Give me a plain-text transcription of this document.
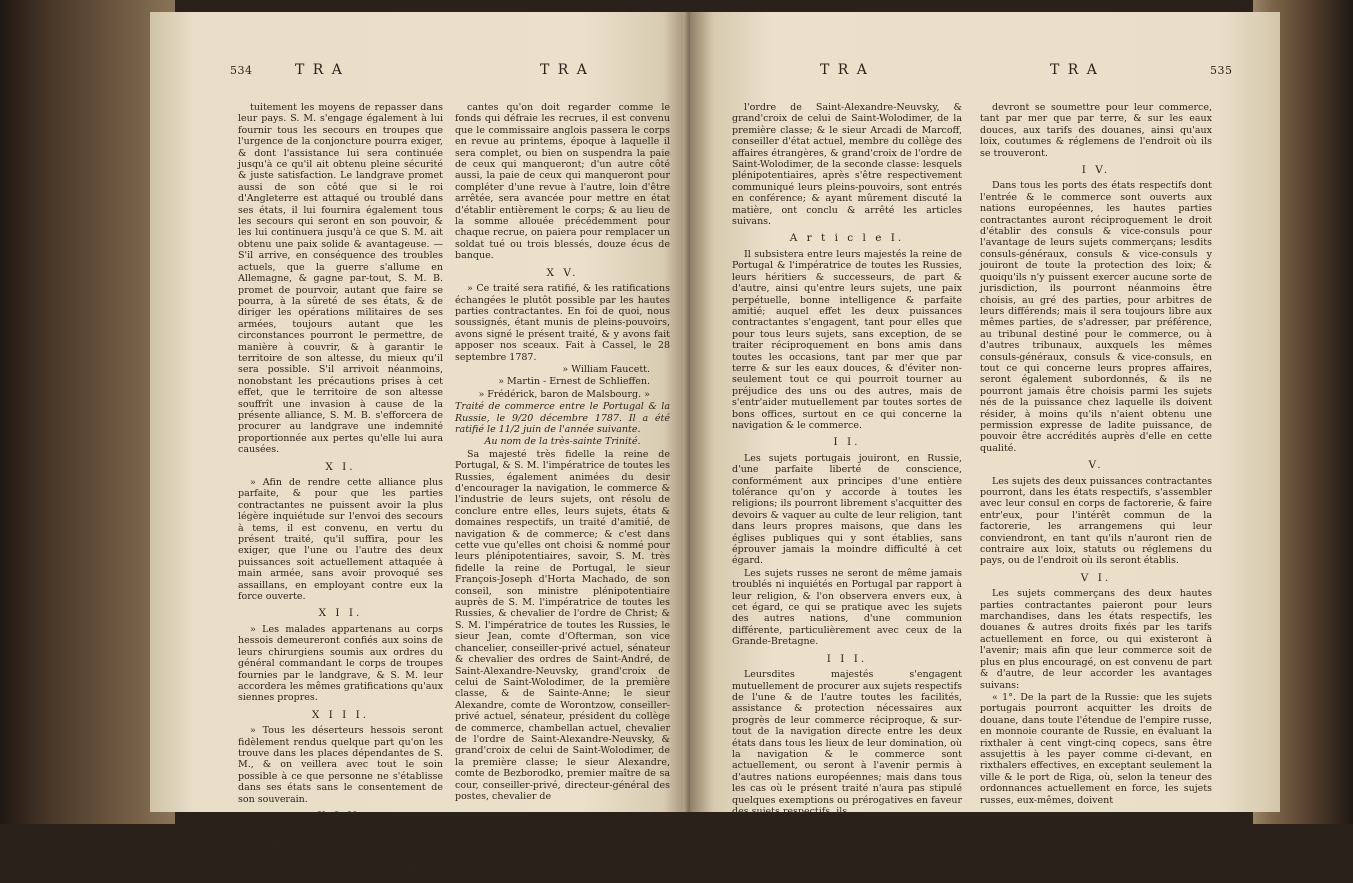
534	T R A	T R A

tuitement les moyens de repasser dans leur pays. S. M. s'engage également à lui fournir tous les secours en troupes que l'urgence de la conjoncture pourra exiger, & dont l'assistance lui sera continuée jusqu'à ce qu'il ait obtenu pleine sécurité & juste satisfaction. Le landgrave promet aussi de son côté que si le roi d'Angleterre est attaqué ou troublé dans ses états, il lui fournira également tous les secours qui seront en son pouvoir, & les lui continuera jusqu'à ce que S. M. ait obtenu une paix solide & avantageuse. — S'il arrive, en conséquence des troubles actuels, que la guerre s'allume en Allemagne, & gagne par-tout, S. M. B. promet de pourvoir, autant que faire se pourra, à la sûreté de ses états, & de diriger les opérations militaires de ses armées, toujours autant que les circonstances pourront le permettre, de manière à couvrir, & à garantir le territoire de son altesse, du mieux qu'il sera possible. S'il arrivoit néanmoins, nonobstant les précautions prises à cet effet, que le territoire de son altesse souffrît une invasion à cause de la présente alliance, S. M. B. s'efforcera de procurer au landgrave une indemnité proportionnée aux pertes qu'elle lui aura causées.

X I.

» Afin de rendre cette alliance plus parfaite, & pour que les parties contractantes ne puissent avoir la plus légère inquiétude sur l'envoi des secours à tems, il est convenu, en vertu du présent traité, qu'il suffira, pour les exiger, que l'une ou l'autre des deux puissances soit actuellement attaquée à main armée, sans avoir provoqué ses assaillans, en employant contre eux la force ouverte.

X I I.

» Les malades appartenans au corps hessois demeureront confiés aux soins de leurs chirurgiens soumis aux ordres du général commandant le corps de troupes fournies par le landgrave, & S. M. leur accordera les mêmes gratifications qu'aux siennes propres.

X I I I.

» Tous les déserteurs hessois seront fidèlement rendus quelque part qu'on les trouve dans les places dépendantes de S. M., & on veillera avec tout le soin possible à ce que personne ne s'établisse dans ses états sans le consentement de son souverain.

X I V.

» Les levées étant devenues en Allemagne plus dispendieuses qu'autrefois, & quelques difficultés s'étant aussi élevées relativement aux paies va-

cantes qu'on doit regarder comme le fonds qui défraie les recrues, il est convenu que le commissaire anglois passera le corps en revue au printems, époque à laquelle il sera complet, ou bien on suspendra la paie de ceux qui manqueront; d'un autre côté aussi, la paie de ceux qui manqueront pour compléter d'une revue à l'autre, loin d'être arrêtée, sera avancée pour mettre en état d'établir entièrement le corps; & au lieu de la somme allouée précédemment pour chaque recrue, on paiera pour remplacer un soldat tué ou trois blessés, douze écus de banque.

X V.

» Ce traité sera ratifié, & les ratifications échangées le plutôt possible par les hautes parties contractantes. En foi de quoi, nous soussignés, étant munis de pleins-pouvoirs, avons signé le présent traité, & y avons fait apposer nos sceaux. Fait à Cassel, le 28 septembre 1787.

» William Faucett.

» Martin - Ernest de Schlieffen.

» Frédérick, baron de Malsbourg. »

Traité de commerce entre le Portugal & la Russie, le 9/20 décembre 1787. Il a été ratifié le 11/2 juin de l'année suivante.

Au nom de la très-sainte Trinité.

Sa majesté très fidelle la reine de Portugal, & S. M. l'impératrice de toutes les Russies, également animées du desir d'encourager la navigation, le commerce & l'industrie de leurs sujets, ont résolu de conclure entre elles, leurs sujets, états & domaines respectifs, un traité d'amitié, de navigation & de commerce; & c'est dans cette vue qu'elles ont choisi & nommé pour leurs plénipotentiaires, savoir, S. M. très fidelle la reine de Portugal, le sieur François-Joseph d'Horta Machado, de son conseil, son ministre plénipotentiaire auprès de S. M. l'impératrice de toutes les Russies, & chevalier de l'ordre de Christ; & S. M. l'impératrice de toutes les Russies, le sieur Jean, comte d'Ofterman, son vice chancelier, conseiller-privé actuel, sénateur & chevalier des ordres de Saint-André, de Saint-Alexandre-Neuvsky, grand'croix de celui de Saint-Wolodimer, de la première classe, & de Sainte-Anne; le sieur Alexandre, comte de Worontzow, conseiller-privé actuel, sénateur, président du collège de commerce, chambellan actuel, chevalier de l'ordre de Saint-Alexandre-Neuvsky, & grand'croix de celui de Saint-Wolodimer, de la première classe; le sieur Alexandre, comte de Bezborodko, premier maître de sa cour, conseiller-privé, directeur-général des postes, chevalier de

T R A	T R A	535

l'ordre de Saint-Alexandre-Neuvsky, & grand'croix de celui de Saint-Wolodimer, de la première classe; & le sieur Arcadi de Marcoff, conseiller d'état actuel, membre du collège des affaires étrangères, & grand'croix de l'ordre de Saint-Wolodimer, de la seconde classe: lesquels plénipotentiaires, après s'être respectivement communiqué leurs pleins-pouvoirs, sont entrés en conférence; & ayant mûrement discuté la matière, ont conclu & arrêté les articles suivans.

A r t i c l e I.

Il subsistera entre leurs majestés la reine de Portugal & l'impératrice de toutes les Russies, leurs héritiers & successeurs, de part & d'autre, ainsi qu'entre leurs sujets, une paix perpétuelle, bonne intelligence & parfaite amitié; auquel effet les deux puissances contractantes s'engagent, tant pour elles que pour tous leurs sujets, sans exception, de se traiter réciproquement en bons amis dans toutes les occasions, tant par mer que par terre & sur les eaux douces, & d'éviter non-seulement tout ce qui pourroit tourner au préjudice des uns ou des autres, mais de s'entr'aider mutuellement par toutes sortes de bons offices, surtout en ce qui concerne la navigation & le commerce.

I I.

Les sujets portugais jouiront, en Russie, d'une parfaite liberté de conscience, conformément aux principes d'une entière tolérance qu'on y accorde à toutes les religions; ils pourront librement s'acquitter des devoirs & vaquer au culte de leur religion, tant dans leurs propres maisons, que dans les églises publiques qui y sont établies, sans éprouver jamais la moindre difficulté à cet égard.

Les sujets russes ne seront de même jamais troublés ni inquiétés en Portugal par rapport à leur religion, & l'on observera envers eux, à cet égard, ce qui se pratique avec les sujets des autres nations, d'une communion différente, particulièrement avec ceux de la Grande-Bretagne.

I I I.

Leursdites majestés s'engagent mutuellement de procurer aux sujets respectifs de l'une & de l'autre toutes les facilités, assistance & protection nécessaires aux progrès de leur commerce réciproque, & sur-tout de la navigation directe entre les deux états dans tous les lieux de leur domination, où la navigation & le commerce sont actuellement, ou seront à l'avenir permis à d'autres nations européennes; mais dans tous les cas où le présent traité n'aura pas stipulé quelques exemptions ou prérogatives en faveur des sujets respectifs, ils

devront se soumettre pour leur commerce, tant par mer que par terre, & sur les eaux douces, aux tarifs des douanes, ainsi qu'aux loix, coutumes & réglemens de l'endroit où ils se trouveront.

I V.

Dans tous les ports des états respectifs dont l'entrée & le commerce sont ouverts aux nations européennes, les hautes parties contractantes auront réciproquement le droit d'établir des consuls & vice-consuls pour l'avantage de leurs sujets commerçans; lesdits consuls-généraux, consuls & vice-consuls y jouiront de toute la protection des loix; & quoiqu'ils n'y puissent exercer aucune sorte de jurisdiction, ils pourront néanmoins être choisis, au gré des parties, pour arbitres de leurs différends; mais il sera toujours libre aux mêmes parties, de s'adresser, par préférence, au tribunal destiné pour le commerce, ou à d'autres tribunaux, auxquels les mêmes consuls-généraux, consuls & vice-consuls, en tout ce qui concerne leurs propres affaires, seront également subordonnés, & ils ne pourront jamais être choisis parmi les sujets nés de la puissance chez laquelle ils doivent résider, à moins qu'ils n'aient obtenu une permission expresse de ladite puissance, de pouvoir être accrédités auprès d'elle en cette qualité.

V.

Les sujets des deux puissances contractantes pourront, dans les états respectifs, s'assembler avec leur consul en corps de factorerie, & faire entr'eux, pour l'intérêt commun de la factorerie, les arrangemens qui leur conviendront, en tant qu'ils n'auront rien de contraire aux loix, statuts ou réglemens du pays, ou de l'endroit où ils seront établis.

V I.

Les sujets commerçans des deux hautes parties contractantes paieront pour leurs marchandises, dans les états respectifs, les douanes & autres droits fixés par les tarifs actuellement en force, ou qui existeront à l'avenir; mais afin que leur commerce soit de plus en plus encouragé, on est convenu de part & d'autre, de leur accorder les avantages suivans:

« 1°. De la part de la Russie: que les sujets portugais pourront acquitter les droits de douane, dans toute l'étendue de l'empire russe, en monnoie courante de Russie, en évaluant la rixthaler à cent vingt-cinq copecs, sans être assujettis à les payer comme ci-devant, en rixthalers effectives, en exceptant seulement la ville & le port de Riga, où, selon la teneur des ordonnances actuellement en force, les sujets russes, eux-mêmes, doivent
